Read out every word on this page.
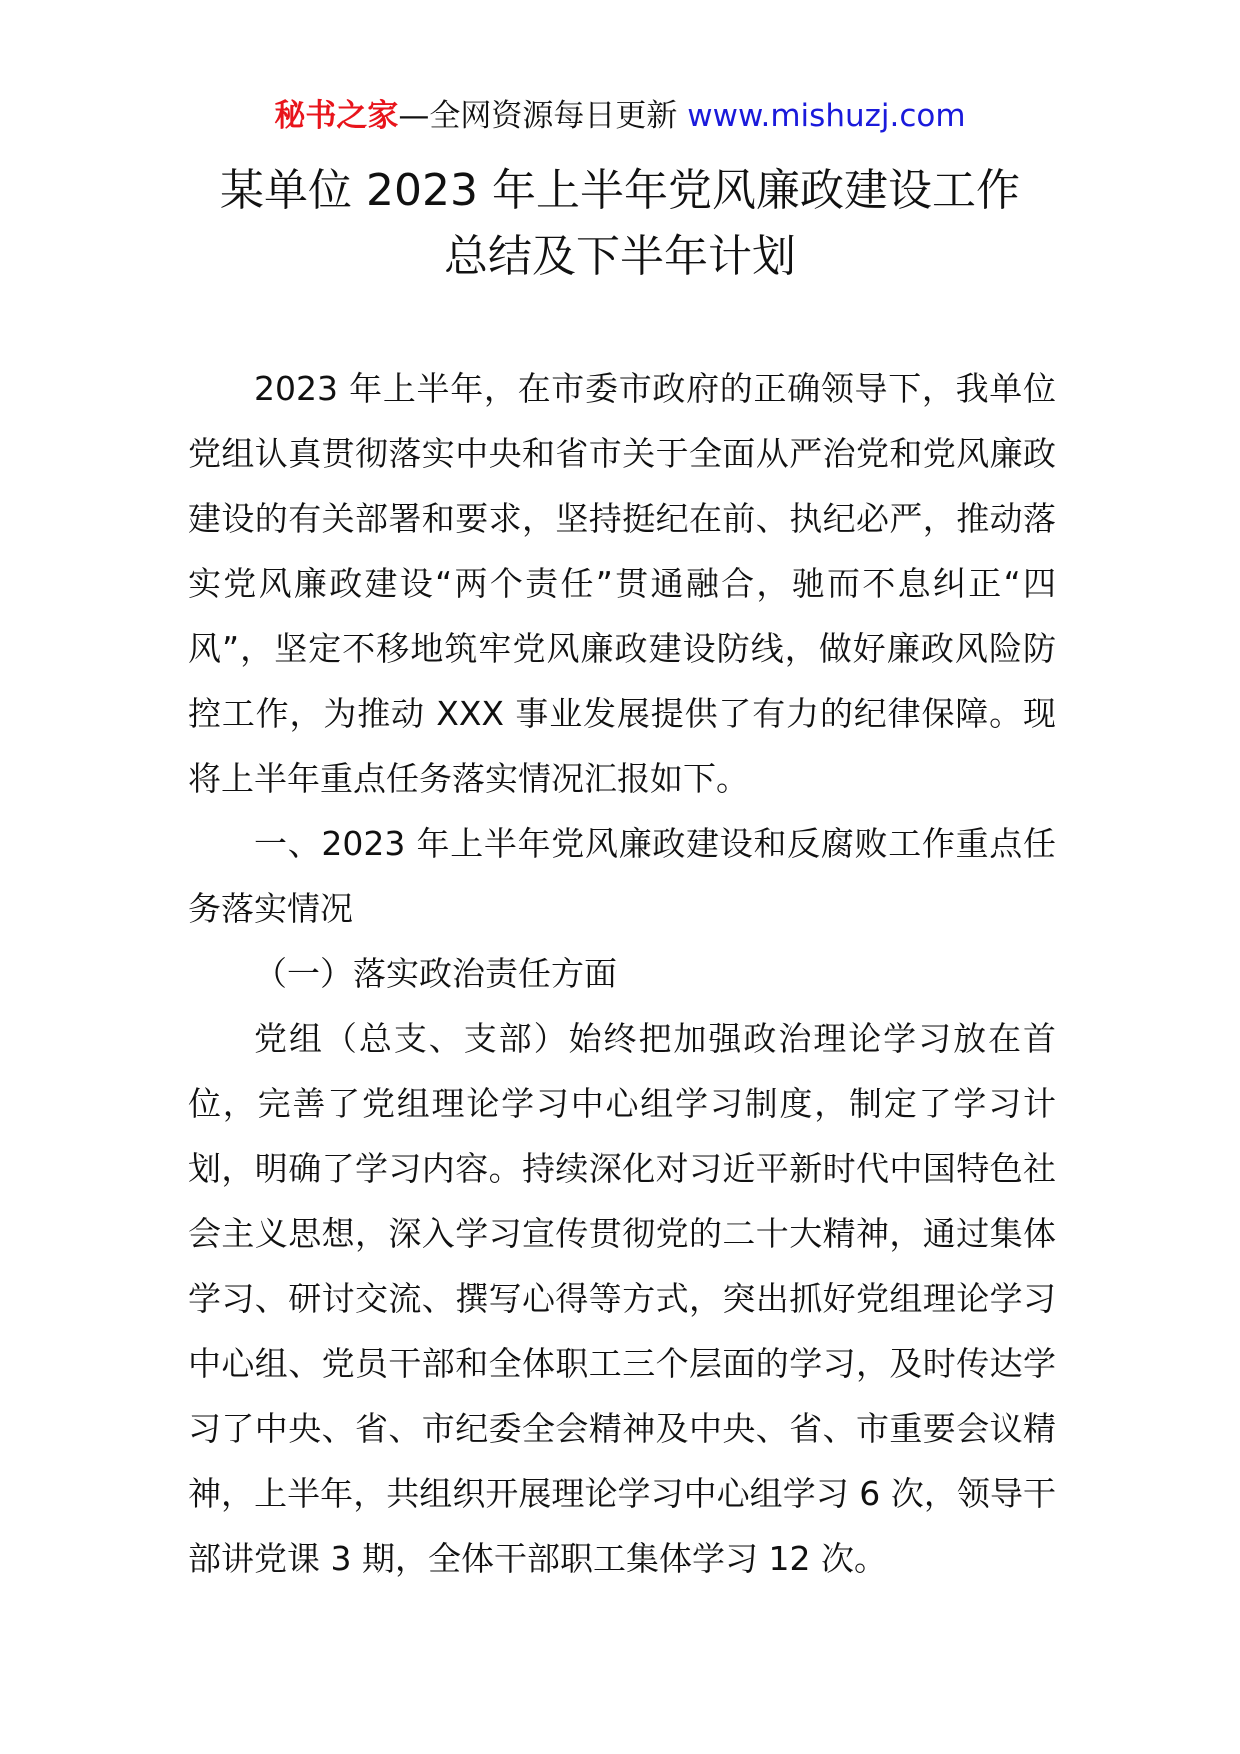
秘书之家—全网资源每日更新 www.mishuzj.com
某单位 2023 年上半年党风廉政建设工作
总结及下半年计划

2023 年上半年，在市委市政府的正确领导下，我单位党组认真贯彻落实中央和省市关于全面从严治党和党风廉政建设的有关部署和要求，坚持挺纪在前、执纪必严，推动落实党风廉政建设“两个责任”贯通融合，驰而不息纠正“四风”，坚定不移地筑牢党风廉政建设防线，做好廉政风险防控工作，为推动 XXX 事业发展提供了有力的纪律保障。现将上半年重点任务落实情况汇报如下。

一、2023 年上半年党风廉政建设和反腐败工作重点任务落实情况

（一）落实政治责任方面

党组（总支、支部）始终把加强政治理论学习放在首位，完善了党组理论学习中心组学习制度，制定了学习计划，明确了学习内容。持续深化对习近平新时代中国特色社会主义思想，深入学习宣传贯彻党的二十大精神，通过集体学习、研讨交流、撰写心得等方式，突出抓好党组理论学习中心组、党员干部和全体职工三个层面的学习，及时传达学习了中央、省、市纪委全会精神及中央、省、市重要会议精神，上半年，共组织开展理论学习中心组学习 6 次，领导干部讲党课 3 期，全体干部职工集体学习 12 次。
